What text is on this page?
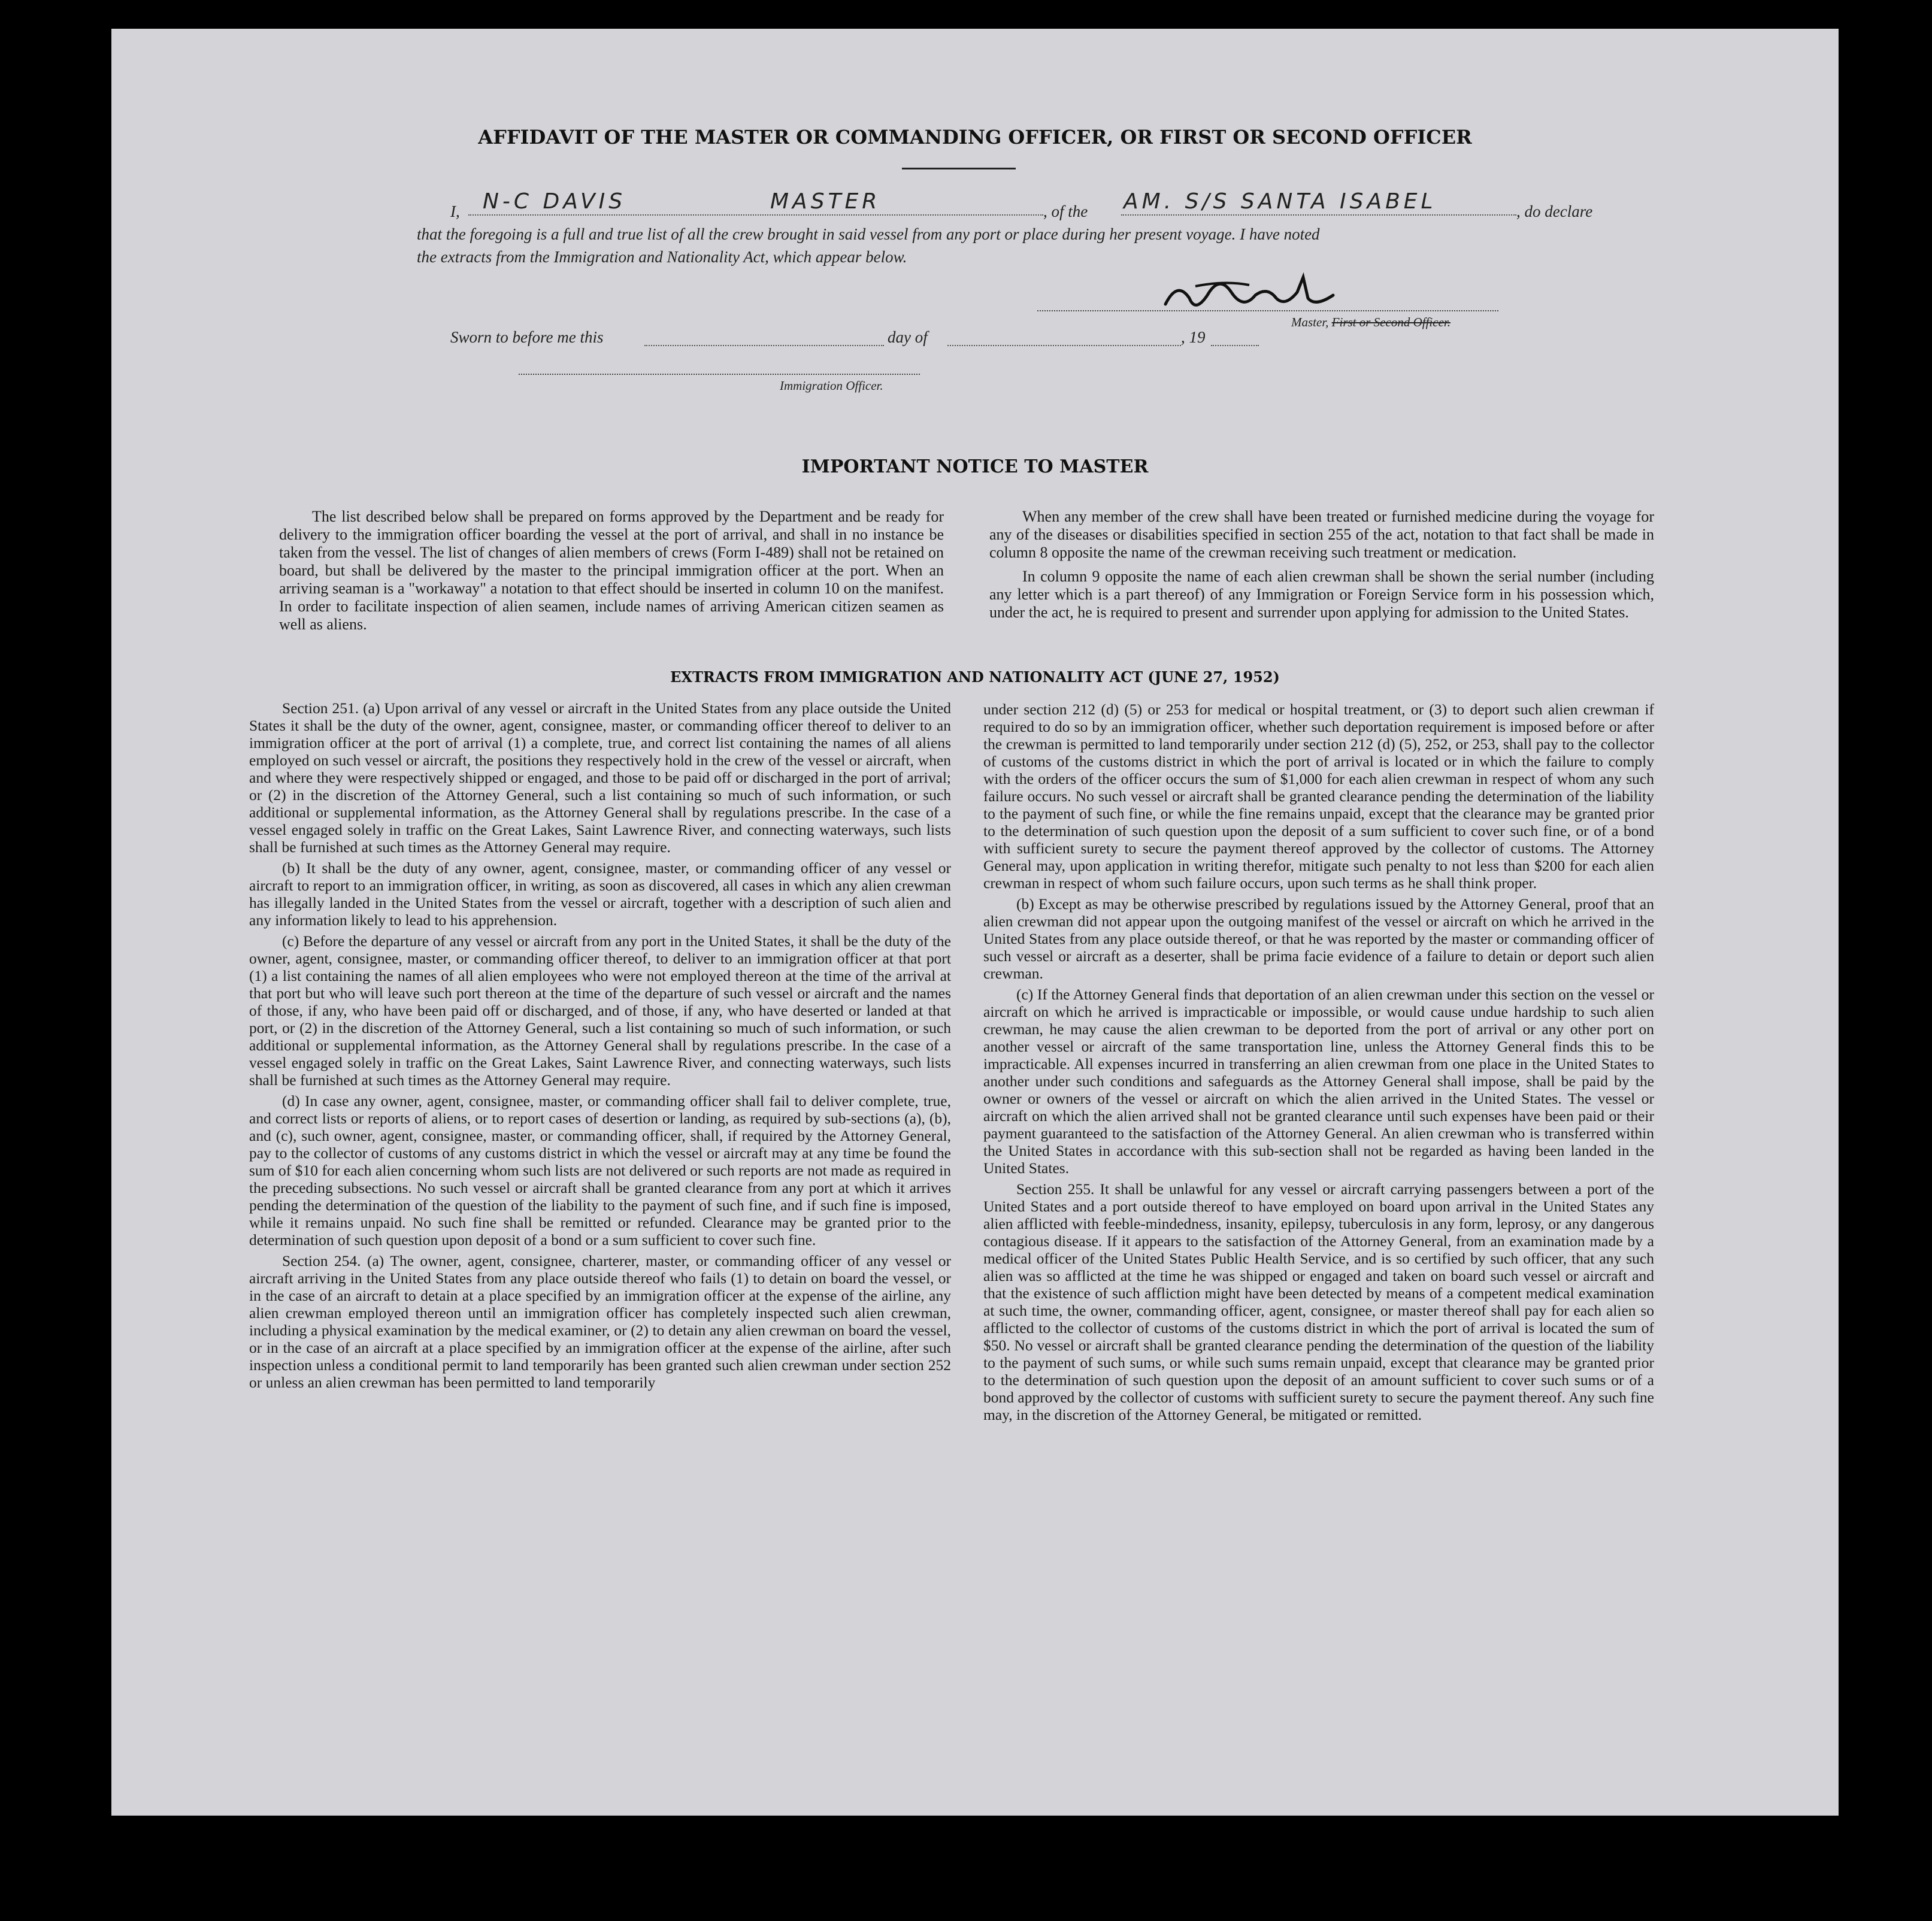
AFFIDAVIT OF THE MASTER OR COMMANDING OFFICER, OR FIRST OR SECOND OFFICER
I, N-C DAVIS	MASTER	, of the AM. S/S SANTA ISABEL	, do declare
that the foregoing is a full and true list of all the crew brought in said vessel from any port or place during her present voyage. I have noted
the extracts from the Immigration and Nationality Act, which appear below.
Master, First or Second Officer.
Sworn to before me this	day of	, 19
Immigration Officer.
IMPORTANT NOTICE TO MASTER

The list described below shall be prepared on forms approved by the Department and be ready for delivery to the immigration officer boarding the vessel at the port of arrival, and shall in no instance be taken from the vessel. The list of changes of alien members of crews (Form I-489) shall not be retained on board, but shall be delivered by the master to the principal immigration officer at the port. When an arriving seaman is a "workaway" a notation to that effect should be inserted in column 10 on the manifest. In order to facilitate inspection of alien seamen, include names of arriving American citizen seamen as well as aliens.

When any member of the crew shall have been treated or furnished medicine during the voyage for any of the diseases or disabilities specified in section 255 of the act, notation to that fact shall be made in column 8 opposite the name of the crewman receiving such treatment or medication.

In column 9 opposite the name of each alien crewman shall be shown the serial number (including any letter which is a part thereof) of any Immigration or Foreign Service form in his possession which, under the act, he is required to present and surrender upon applying for admission to the United States.

EXTRACTS FROM IMMIGRATION AND NATIONALITY ACT (JUNE 27, 1952)

Section 251. (a) Upon arrival of any vessel or aircraft in the United States from any place outside the United States it shall be the duty of the owner, agent, consignee, master, or commanding officer thereof to deliver to an immigration officer at the port of arrival (1) a complete, true, and correct list containing the names of all aliens employed on such vessel or aircraft, the positions they respectively hold in the crew of the vessel or aircraft, when and where they were respectively shipped or engaged, and those to be paid off or discharged in the port of arrival; or (2) in the discretion of the Attorney General, such a list containing so much of such information, or such additional or supplemental information, as the Attorney General shall by regulations prescribe. In the case of a vessel engaged solely in traffic on the Great Lakes, Saint Lawrence River, and connecting waterways, such lists shall be furnished at such times as the Attorney General may require.

(b) It shall be the duty of any owner, agent, consignee, master, or commanding officer of any vessel or aircraft to report to an immigration officer, in writing, as soon as discovered, all cases in which any alien crewman has illegally landed in the United States from the vessel or aircraft, together with a description of such alien and any information likely to lead to his apprehension.

(c) Before the departure of any vessel or aircraft from any port in the United States, it shall be the duty of the owner, agent, consignee, master, or commanding officer thereof, to deliver to an immigration officer at that port (1) a list containing the names of all alien employees who were not employed thereon at the time of the arrival at that port but who will leave such port thereon at the time of the departure of such vessel or aircraft and the names of those, if any, who have been paid off or discharged, and of those, if any, who have deserted or landed at that port, or (2) in the discretion of the Attorney General, such a list containing so much of such information, or such additional or supplemental information, as the Attorney General shall by regulations prescribe. In the case of a vessel engaged solely in traffic on the Great Lakes, Saint Lawrence River, and connecting waterways, such lists shall be furnished at such times as the Attorney General may require.

(d) In case any owner, agent, consignee, master, or commanding officer shall fail to deliver complete, true, and correct lists or reports of aliens, or to report cases of desertion or landing, as required by sub-sections (a), (b), and (c), such owner, agent, consignee, master, or commanding officer, shall, if required by the Attorney General, pay to the collector of customs of any customs district in which the vessel or aircraft may at any time be found the sum of $10 for each alien concerning whom such lists are not delivered or such reports are not made as required in the preceding subsections. No such vessel or aircraft shall be granted clearance from any port at which it arrives pending the determination of the question of the liability to the payment of such fine, and if such fine is imposed, while it remains unpaid. No such fine shall be remitted or refunded. Clearance may be granted prior to the determination of such question upon deposit of a bond or a sum sufficient to cover such fine.

Section 254. (a) The owner, agent, consignee, charterer, master, or commanding officer of any vessel or aircraft arriving in the United States from any place outside thereof who fails (1) to detain on board the vessel, or in the case of an aircraft to detain at a place specified by an immigration officer at the expense of the airline, any alien crewman employed thereon until an immigration officer has completely inspected such alien crewman, including a physical examination by the medical examiner, or (2) to detain any alien crewman on board the vessel, or in the case of an aircraft at a place specified by an immigration officer at the expense of the airline, after such inspection unless a conditional permit to land temporarily has been granted such alien crewman under section 252 or unless an alien crewman has been permitted to land temporarily

under section 212 (d) (5) or 253 for medical or hospital treatment, or (3) to deport such alien crewman if required to do so by an immigration officer, whether such deportation requirement is imposed before or after the crewman is permitted to land temporarily under section 212 (d) (5), 252, or 253, shall pay to the collector of customs of the customs district in which the port of arrival is located or in which the failure to comply with the orders of the officer occurs the sum of $1,000 for each alien crewman in respect of whom any such failure occurs. No such vessel or aircraft shall be granted clearance pending the determination of the liability to the payment of such fine, or while the fine remains unpaid, except that the clearance may be granted prior to the determination of such question upon the deposit of a sum sufficient to cover such fine, or of a bond with sufficient surety to secure the payment thereof approved by the collector of customs. The Attorney General may, upon application in writing therefor, mitigate such penalty to not less than $200 for each alien crewman in respect of whom such failure occurs, upon such terms as he shall think proper.

(b) Except as may be otherwise prescribed by regulations issued by the Attorney General, proof that an alien crewman did not appear upon the outgoing manifest of the vessel or aircraft on which he arrived in the United States from any place outside thereof, or that he was reported by the master or commanding officer of such vessel or aircraft as a deserter, shall be prima facie evidence of a failure to detain or deport such alien crewman.

(c) If the Attorney General finds that deportation of an alien crewman under this section on the vessel or aircraft on which he arrived is impracticable or impossible, or would cause undue hardship to such alien crewman, he may cause the alien crewman to be deported from the port of arrival or any other port on another vessel or aircraft of the same transportation line, unless the Attorney General finds this to be impracticable. All expenses incurred in transferring an alien crewman from one place in the United States to another under such conditions and safeguards as the Attorney General shall impose, shall be paid by the owner or owners of the vessel or aircraft on which the alien arrived in the United States. The vessel or aircraft on which the alien arrived shall not be granted clearance until such expenses have been paid or their payment guaranteed to the satisfaction of the Attorney General. An alien crewman who is transferred within the United States in accordance with this sub-section shall not be regarded as having been landed in the United States.

Section 255. It shall be unlawful for any vessel or aircraft carrying passengers between a port of the United States and a port outside thereof to have employed on board upon arrival in the United States any alien afflicted with feeble-mindedness, insanity, epilepsy, tuberculosis in any form, leprosy, or any dangerous contagious disease. If it appears to the satisfaction of the Attorney General, from an examination made by a medical officer of the United States Public Health Service, and is so certified by such officer, that any such alien was so afflicted at the time he was shipped or engaged and taken on board such vessel or aircraft and that the existence of such affliction might have been detected by means of a competent medical examination at such time, the owner, commanding officer, agent, consignee, or master thereof shall pay for each alien so afflicted to the collector of customs of the customs district in which the port of arrival is located the sum of $50. No vessel or aircraft shall be granted clearance pending the determination of the question of the liability to the payment of such sums, or while such sums remain unpaid, except that clearance may be granted prior to the determination of such question upon the deposit of an amount sufficient to cover such sums or of a bond approved by the collector of customs with sufficient surety to secure the payment thereof. Any such fine may, in the discretion of the Attorney General, be mitigated or remitted.
